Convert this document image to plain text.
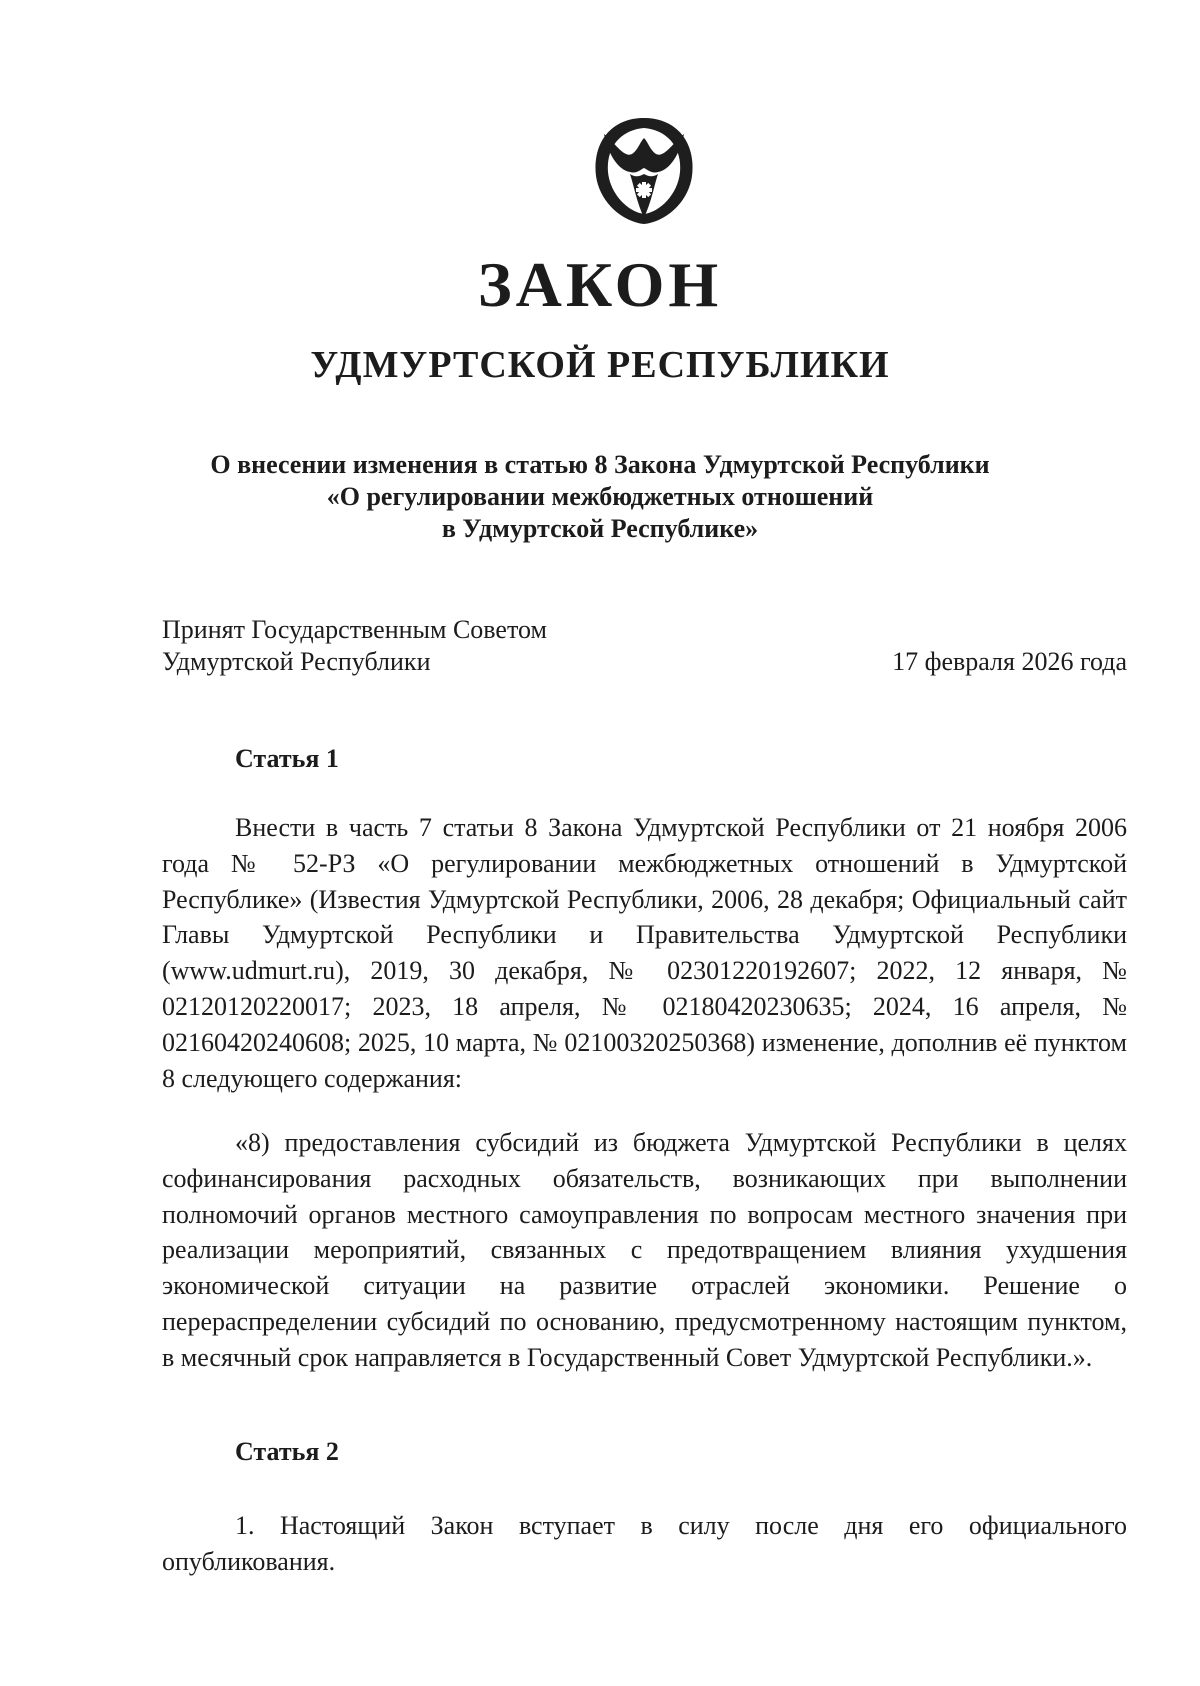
ЗАКОН
УДМУРТСКОЙ РЕСПУБЛИКИ
О внесении изменения в статью 8 Закона Удмуртской Республики
«О регулировании межбюджетных отношений
в Удмуртской Республике»
Принят Государственным Советом
Удмуртской Республики	17 февраля 2026 года
Статья 1

Внести в часть 7 статьи 8 Закона Удмуртской Республики от 21 ноября 2006 года № 52-РЗ «О регулировании межбюджетных отношений в Удмуртской Республике» (Известия Удмуртской Республики, 2006, 28 декабря; Официальный сайт Главы Удмуртской Республики и Правительства Удмуртской Республики (www.udmurt.ru), 2019, 30 декабря, № 02301220192607; 2022, 12 января, № 02120120220017; 2023, 18 апреля, № 02180420230635; 2024, 16 апреля, № 02160420240608; 2025, 10 марта, № 02100320250368) изменение, дополнив её пунктом 8 следующего содержания:

«8) предоставления субсидий из бюджета Удмуртской Республики в целях софинансирования расходных обязательств, возникающих при выполнении полномочий органов местного самоуправления по вопросам местного значения при реализации мероприятий, связанных с предотвращением влияния ухудшения экономической ситуации на развитие отраслей экономики. Решение о перераспределении субсидий по основанию, предусмотренному настоящим пунктом, в месячный срок направляется в Государственный Совет Удмуртской Республики.».

Статья 2

1. Настоящий Закон вступает в силу после дня его официального опубликования.
